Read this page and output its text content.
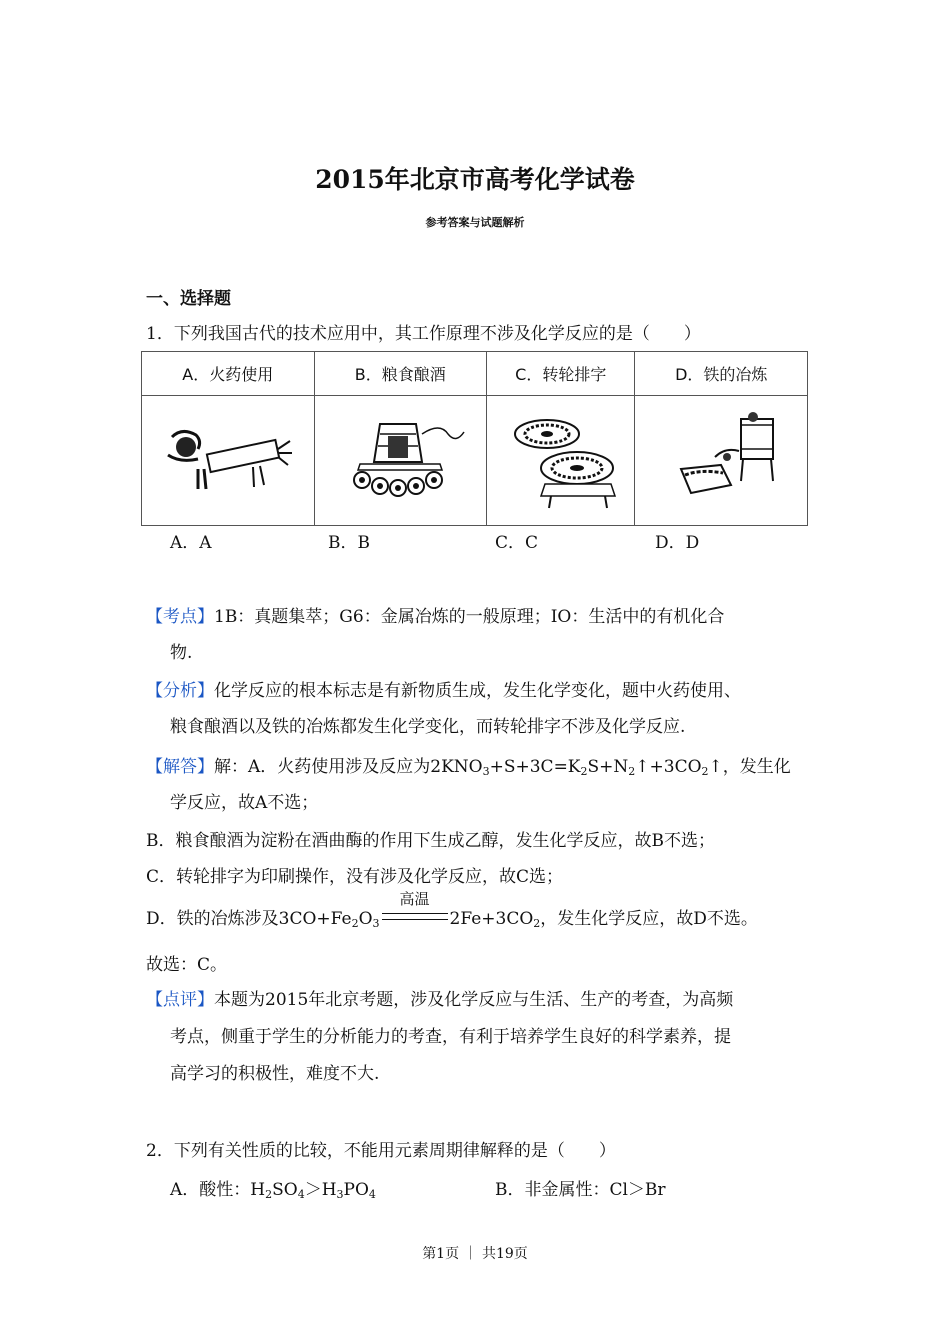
2015年北京市高考化学试卷
参考答案与试题解析
一、选择题
1．下列我国古代的技术应用中，其工作原理不涉及化学反应的是（　　）
A．火药使用	B．粮食酿酒	C．转轮排字	D．铁的冶炼

A．A	B．B	C．C	D．D
【考点】1B：真题集萃；G6：金属冶炼的一般原理；IO：生活中的有机化合
物.
【分析】化学反应的根本标志是有新物质生成，发生化学变化，题中火药使用、
粮食酿酒以及铁的冶炼都发生化学变化，而转轮排字不涉及化学反应.
【解答】解：A．火药使用涉及反应为$2KNO_3+S+3C=K_2S+N_2↑+3CO_2↑$，发生化
学反应，故A不选；
B．粮食酿酒为淀粉在酒曲酶的作用下生成乙醇，发生化学反应，故B不选；
C．转轮排字为印刷操作，没有涉及化学反应，故C选；
D．铁的冶炼涉及$3CO+Fe_2O_3$
高温
$2Fe+3CO_2$，发生化学反应，故D不选。
故选：C。
【点评】本题为2015年北京考题，涉及化学反应与生活、生产的考查，为高频
考点，侧重于学生的分析能力的考查，有利于培养学生良好的科学素养，提
高学习的积极性，难度不大.
2．下列有关性质的比较，不能用元素周期律解释的是（　　）
A．酸性：$H_2SO_4>H_3PO_4$	B．非金属性：Cl＞Br
第1页 ｜ 共19页
